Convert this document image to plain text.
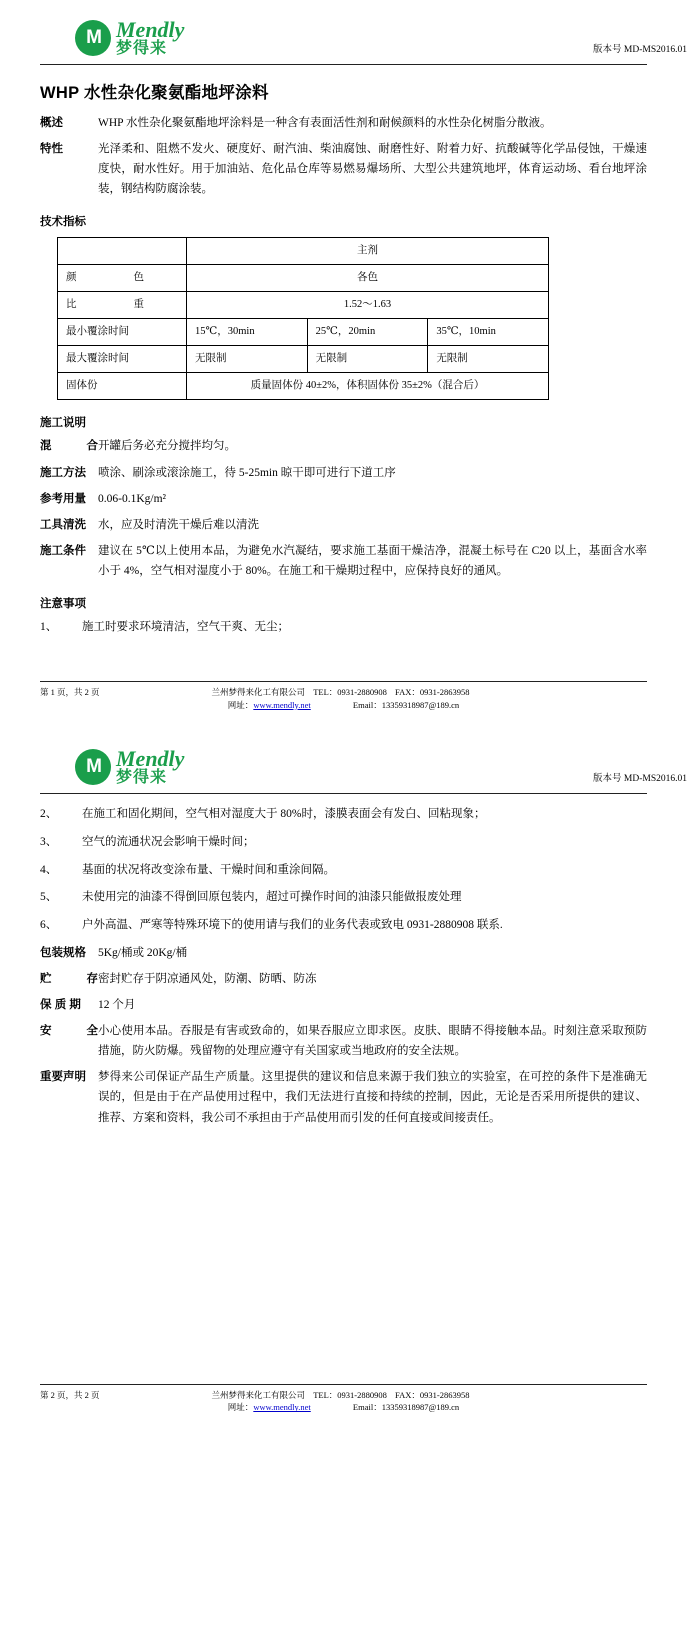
M Mendly
梦得来	版本号 MD-MS2016.01
WHP 水性杂化聚氨酯地坪涂料
概述	WHP 水性杂化聚氨酯地坪涂料是一种含有表面活性剂和耐候颜料的水性杂化树脂分散液。
特性	光泽柔和、阻燃不发火、硬度好、耐汽油、柴油腐蚀、耐磨性好、附着力好、抗酸碱等化学品侵蚀，干燥速度快，耐水性好。用于加油站、危化品仓库等易燃易爆场所、大型公共建筑地坪，体育运动场、看台地坪涂装，钢结构防腐涂装。
技术指标
	主剂		

颜 色	各色		

比 重	1.52～1.63		
最小覆涂时间	15℃，30min	25℃，20min	35℃，10min
最大覆涂时间	无限制	无限制	无限制
固体份	质量固体份 40±2%，体积固体份 35±2%（混合后）		
施工说明
混	合 开罐后务必充分搅拌均匀。
施工方法	喷涂、刷涂或滚涂施工，待 5-25min 晾干即可进行下道工序
参考用量	0.06-0.1Kg/m²
工具清洗	水，应及时清洗干燥后难以清洗
施工条件	建议在 5℃以上使用本品，为避免水汽凝结，要求施工基面干燥洁净，混凝土标号在 C20 以上，基面含水率小于 4%，空气相对湿度小于 80%。在施工和干燥期过程中，应保持良好的通风。
注意事项
1、	施工时要求环境清洁，空气干爽、无尘；
第 1 页，共 2 页	兰州梦得来化工有限公司 TEL：0931-2880908 FAX：0931-2863958
网址：www.mendly.net	Email：13359318987@189.cn
M Mendly
梦得来	版本号 MD-MS2016.01
2、	在施工和固化期间，空气相对湿度大于 80%时，漆膜表面会有发白、回粘现象；
3、	空气的流通状况会影响干燥时间；
4、	基面的状况将改变涂布量、干燥时间和重涂间隔。
5、	未使用完的油漆不得倒回原包装内，超过可操作时间的油漆只能做报废处理
6、	户外高温、严寒等特殊环境下的使用请与我们的业务代表或致电 0931-2880908 联系.
包装规格	5Kg/桶或 20Kg/桶
贮	存 密封贮存于阴凉通风处，防潮、防晒、防冻
保 质 期	12 个月
安	全 小心使用本品。吞服是有害或致命的，如果吞服应立即求医。皮肤、眼睛不得接触本品。时刻注意采取预防措施，防火防爆。残留物的处理应遵守有关国家或当地政府的安全法规。
重要声明	梦得来公司保证产品生产质量。这里提供的建议和信息来源于我们独立的实验室，在可控的条件下是准确无误的，但是由于在产品使用过程中，我们无法进行直接和持续的控制，因此，无论是否采用所提供的建议、推荐、方案和资料，我公司不承担由于产品使用而引发的任何直接或间接责任。
第 2 页，共 2 页	兰州梦得来化工有限公司 TEL：0931-2880908 FAX：0931-2863958
网址：www.mendly.net	Email：13359318987@189.cn
